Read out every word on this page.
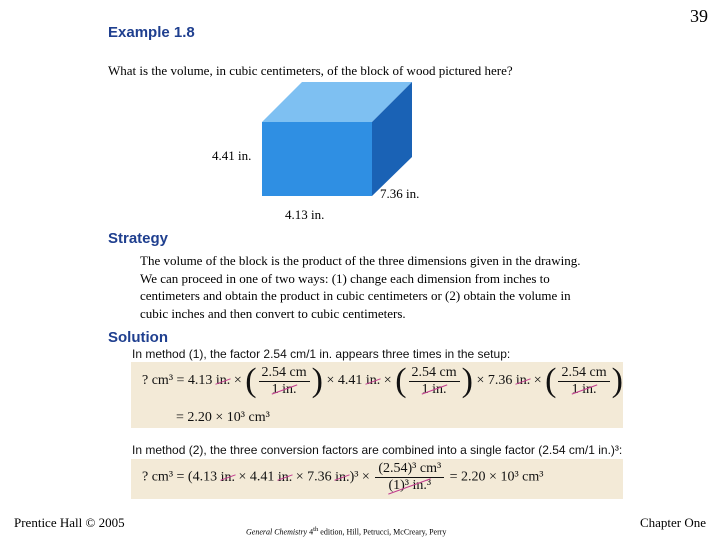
39
Example 1.8
What is the volume, in cubic centimeters, of the block of wood pictured here?
4.41 in.
7.36 in.
4.13 in.
Strategy
The volume of the block is the product of the three dimensions given in the drawing.
We can proceed in one of two ways: (1) change each dimension from inches to
centimeters and obtain the product in cubic centimeters or (2) obtain the volume in
cubic inches and then convert to cubic centimeters.
Solution
In method (1), the factor 2.54 cm/1 in. appears three times in the setup:
? cm³ = 4.13 in. × ( $\frac{2.54 cm}{1 in.}$ ) × 4.41 in. × ( $\frac{2.54 cm}{1 in.}$ ) × 7.36 in. × ( $\frac{2.54 cm}{1 in.}$ )
= 2.20 × 10³ cm³
In method (2), the three conversion factors are combined into a single factor (2.54 cm/1 in.)³:
? cm³ = (4.13 in. × 4.41 in. × 7.36 $in.)^3 \times \frac{\text{(2.54)³ cm³}}{\text{(1)³ in.³}} = 2.20 \times 10^3$ cm³
Prentice Hall © 2005
General Chemistry 4th edition, Hill, Petrucci, McCreary, Perry
Chapter One
